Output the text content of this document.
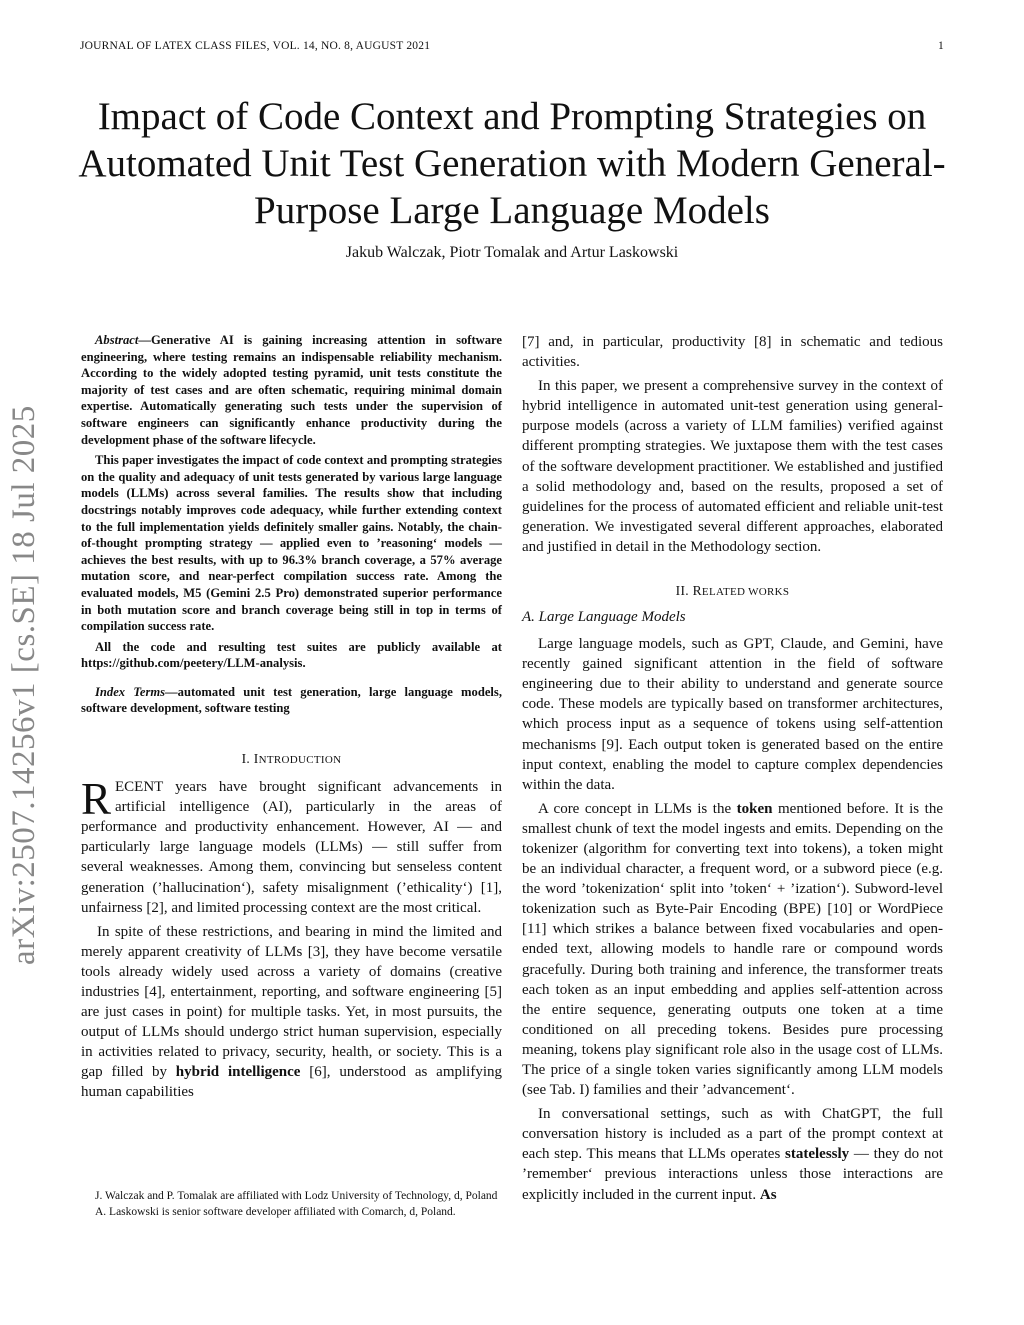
JOURNAL OF LATEX CLASS FILES, VOL. 14, NO. 8, AUGUST 2021	1
Impact of Code Context and Prompting Strategies on Automated Unit Test Generation with Modern General-Purpose Large Language Models
Jakub Walczak, Piotr Tomalak and Artur Laskowski
arXiv:2507.14256v1 [cs.SE] 18 Jul 2025

Abstract—Generative AI is gaining increasing attention in software engineering, where testing remains an indispensable reliability mechanism. According to the widely adopted testing pyramid, unit tests constitute the majority of test cases and are often schematic, requiring minimal domain expertise. Automatically generating such tests under the supervision of software engineers can significantly enhance productivity during the development phase of the software lifecycle.

This paper investigates the impact of code context and prompting strategies on the quality and adequacy of unit tests generated by various large language models (LLMs) across several families. The results show that including docstrings notably improves code adequacy, while further extending context to the full implementation yields definitely smaller gains. Notably, the chain-of-thought prompting strategy — applied even to ’reasoning‘ models — achieves the best results, with up to 96.3% branch coverage, a 57% average mutation score, and near-perfect compilation success rate. Among the evaluated models, M5 (Gemini 2.5 Pro) demonstrated superior performance in both mutation score and branch coverage being still in top in terms of compilation success rate.

All the code and resulting test suites are publicly available at https://github.com/peetery/LLM-analysis.

Index Terms—automated unit test generation, large language models, software development, software testing
I. INTRODUCTION

RECENT years have brought significant advancements in artificial intelligence (AI), particularly in the areas of performance and productivity enhancement. However, AI — and particularly large language models (LLMs) — still suffer from several weaknesses. Among them, convincing but senseless content generation (’hallucination‘), safety misalignment (’ethicality‘) [1], unfairness [2], and limited processing context are the most critical.

In spite of these restrictions, and bearing in mind the limited and merely apparent creativity of LLMs [3], they have become versatile tools already widely used across a variety of domains (creative industries [4], entertainment, reporting, and software engineering [5] are just cases in point) for multiple tasks. Yet, in most pursuits, the output of LLMs should undergo strict human supervision, especially in activities related to privacy, security, health, or society. This is a gap filled by hybrid intelligence [6], understood as amplifying human capabilities

[7] and, in particular, productivity [8] in schematic and tedious activities.

In this paper, we present a comprehensive survey in the context of hybrid intelligence in automated unit-test generation using general-purpose models (across a variety of LLM families) verified against different prompting strategies. We juxtapose them with the test cases of the software development practitioner. We established and justified a solid methodology and, based on the results, proposed a set of guidelines for the process of automated efficient and reliable unit-test generation. We investigated several different approaches, elaborated and justified in detail in the Methodology section.

II. RELATED WORKS
A. Large Language Models

Large language models, such as GPT, Claude, and Gemini, have recently gained significant attention in the field of software engineering due to their ability to understand and generate source code. These models are typically based on transformer architectures, which process input as a sequence of tokens using self-attention mechanisms [9]. Each output token is generated based on the entire input context, enabling the model to capture complex dependencies within the data.

A core concept in LLMs is the token mentioned before. It is the smallest chunk of text the model ingests and emits. Depending on the tokenizer (algorithm for converting text into tokens), a token might be an individual character, a frequent word, or a subword piece (e.g. the word ’tokenization‘ split into ’token‘ + ’ization‘). Subword-level tokenization such as Byte-Pair Encoding (BPE) [10] or WordPiece [11] which strikes a balance between fixed vocabularies and open-ended text, allowing models to handle rare or compound words gracefully. During both training and inference, the transformer treats each token as an input embedding and applies self-attention across the entire sequence, generating outputs one token at a time conditioned on all preceding tokens. Besides pure processing meaning, tokens play significant role also in the usage cost of LLMs. The price of a single token varies significantly among LLM models (see Tab. I) families and their ’advancement‘.

In conversational settings, such as with ChatGPT, the full conversation history is included as a part of the prompt context at each step. This means that LLMs operates statelessly — they do not ’remember‘ previous interactions unless those interactions are explicitly included in the current input. As

J. Walczak and P. Tomalak are affiliated with Lodz University of Technology, d, Poland

A. Laskowski is senior software developer affiliated with Comarch, d, Poland.
